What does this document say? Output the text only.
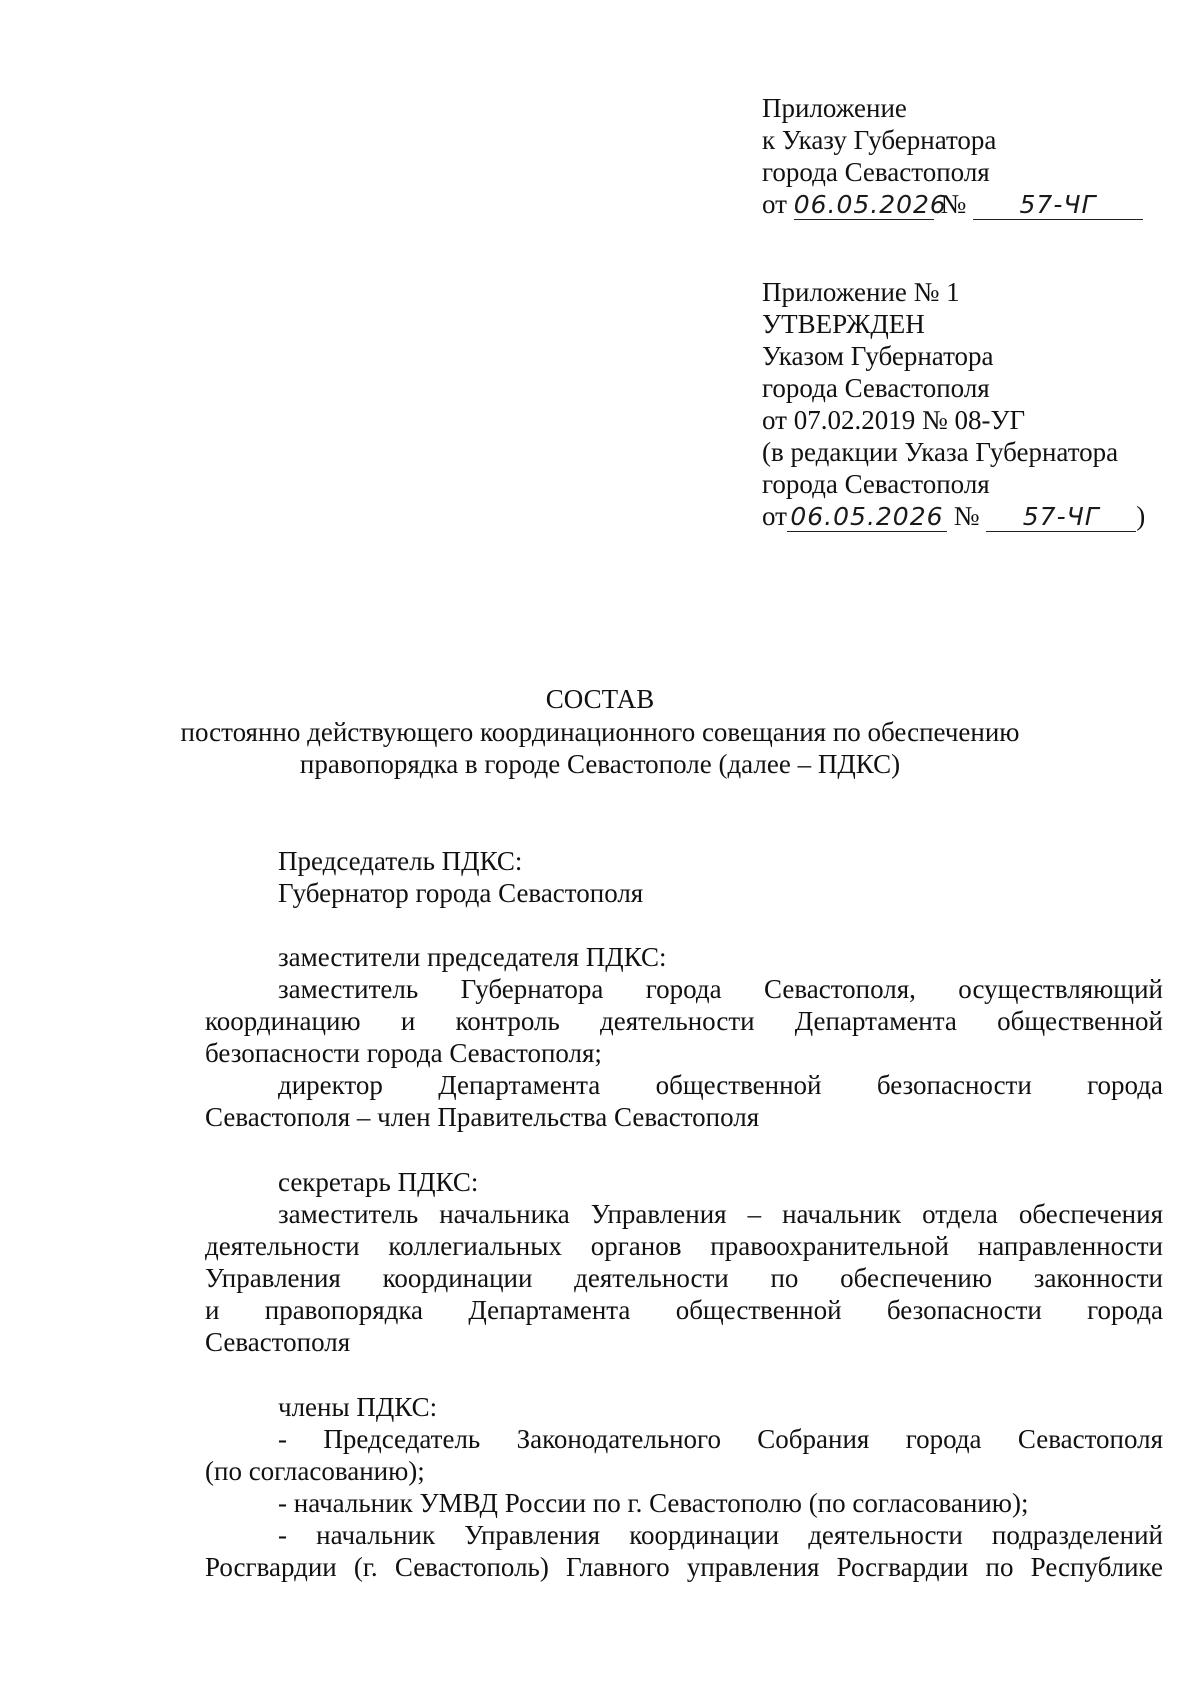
Приложение
к Указу Губернатора
города Севастополя
от 06.05.2026 № 57-ЧГ
Приложение № 1
УТВЕРЖДЕН
Указом Губернатора
города Севастополя
от 07.02.2019 № 08-УГ
(в редакции Указа Губернатора
города Севастополя
от 06.05.2026 № 57-ЧГ )
СОСТАВ
постоянно действующего координационного совещания по обеспечению
правопорядка в городе Севастополе (далее – ПДКС)
Председатель ПДКС:
Губернатор города Севастополя
заместители председателя ПДКС:
заместитель Губернатора города Севастополя, осуществляющий
координацию и контроль деятельности Департамента общественной
безопасности города Севастополя;
директор Департамента общественной безопасности города
Севастополя – член Правительства Севастополя
секретарь ПДКС:
заместитель начальника Управления – начальник отдела обеспечения
деятельности коллегиальных органов правоохранительной направленности
Управления координации деятельности по обеспечению законности
и правопорядка Департамента общественной безопасности города
Севастополя
члены ПДКС:
- Председатель Законодательного Собрания города Севастополя
(по согласованию);
- начальник УМВД России по г. Севастополю (по согласованию);
- начальник Управления координации деятельности подразделений
Росгвардии (г. Севастополь) Главного управления Росгвардии по Республике
